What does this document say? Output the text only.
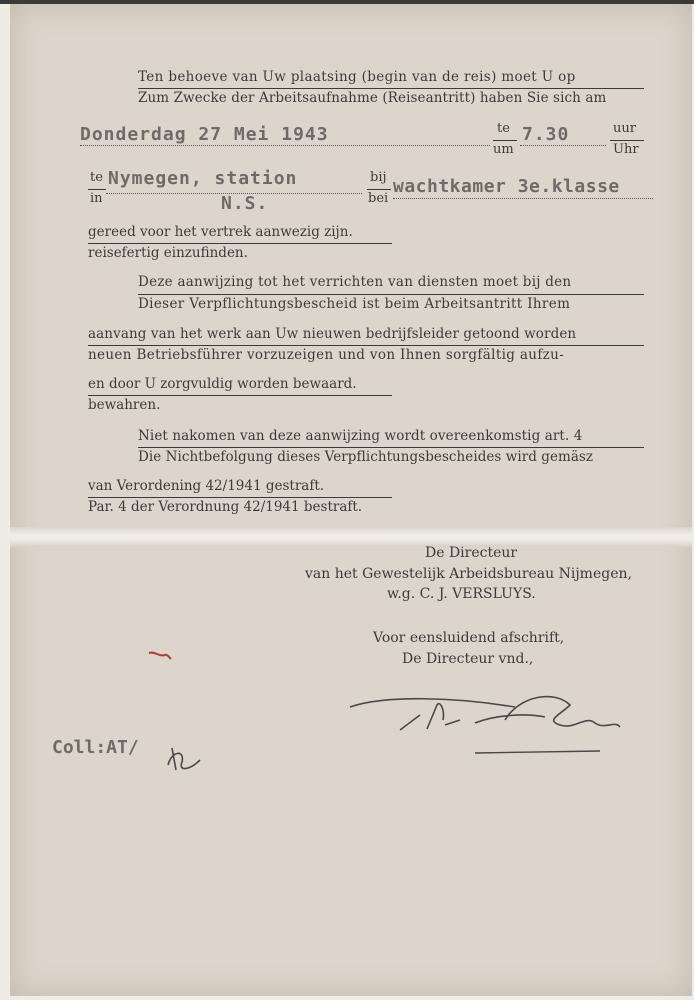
Ten behoeve van Uw plaatsing (begin van de reis) moet U op
Zum Zwecke der Arbeitsaufnahme (Reiseantritt) haben Sie sich am
Donderdag 27 Mei 1943	te
um
7.30	uur
Uhr
te
in
Nymegen, station
N.S.
bij
bei
wachtkamer 3e.klasse
gereed voor het vertrek aanwezig zijn.
reisefertig einzufinden.
Deze aanwijzing tot het verrichten van diensten moet bij den
Dieser Verpflichtungsbescheid ist beim Arbeitsantritt Ihrem
aanvang van het werk aan Uw nieuwen bedrijfsleider getoond worden
neuen Betriebsführer vorzuzeigen und von Ihnen sorgfältig aufzu-
en door U zorgvuldig worden bewaard.
bewahren.
Niet nakomen van deze aanwijzing wordt overeenkomstig art. 4
Die Nichtbefolgung dieses Verpflichtungsbescheides wird gemäsz
van Verordening 42/1941 gestraft.
Par. 4 der Verordnung 42/1941 bestraft.
De Directeur
van het Gewestelijk Arbeidsbureau Nijmegen,
w.g. C. J. VERSLUYS.
Voor eensluidend afschrift,
De Directeur vnd.,
Coll:AT/
